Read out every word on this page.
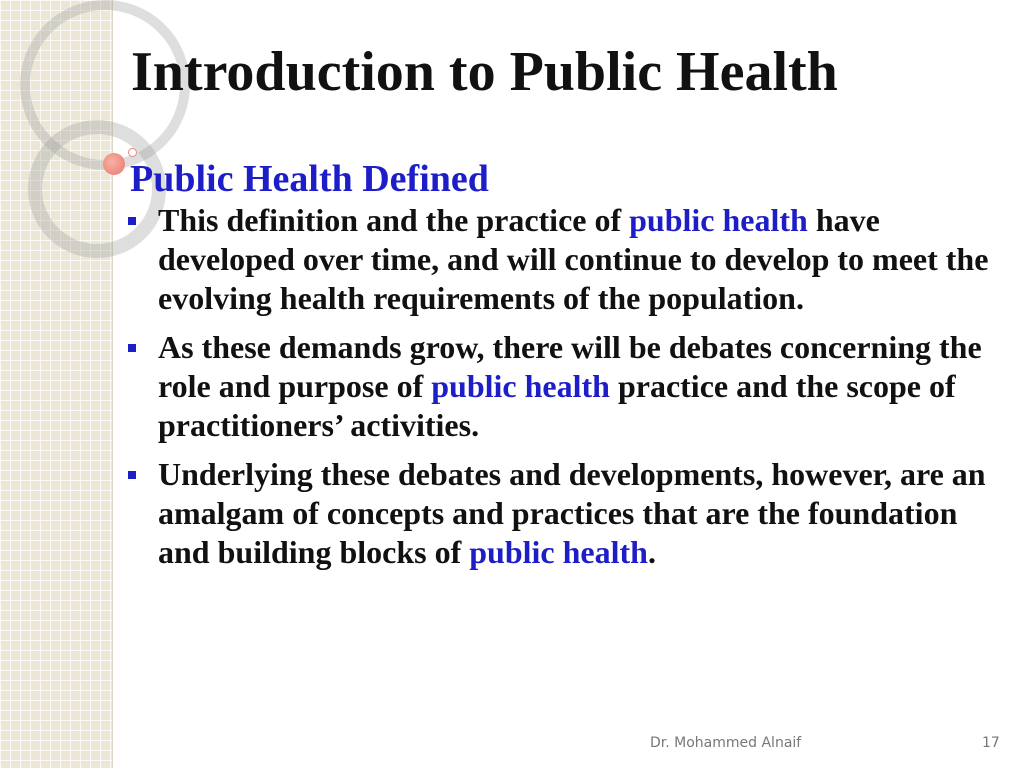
Introduction to Public Health
Public Health Defined
This definition and the practice of public health have developed over time, and will continue to develop to meet the evolving health requirements of the population.
As these demands grow, there will be debates concerning the role and purpose of public health practice and the scope of practitioners’ activities.
Underlying these debates and developments, however, are an amalgam of concepts and practices that are the foundation and building blocks of public health.
Dr. Mohammed Alnaif	17
